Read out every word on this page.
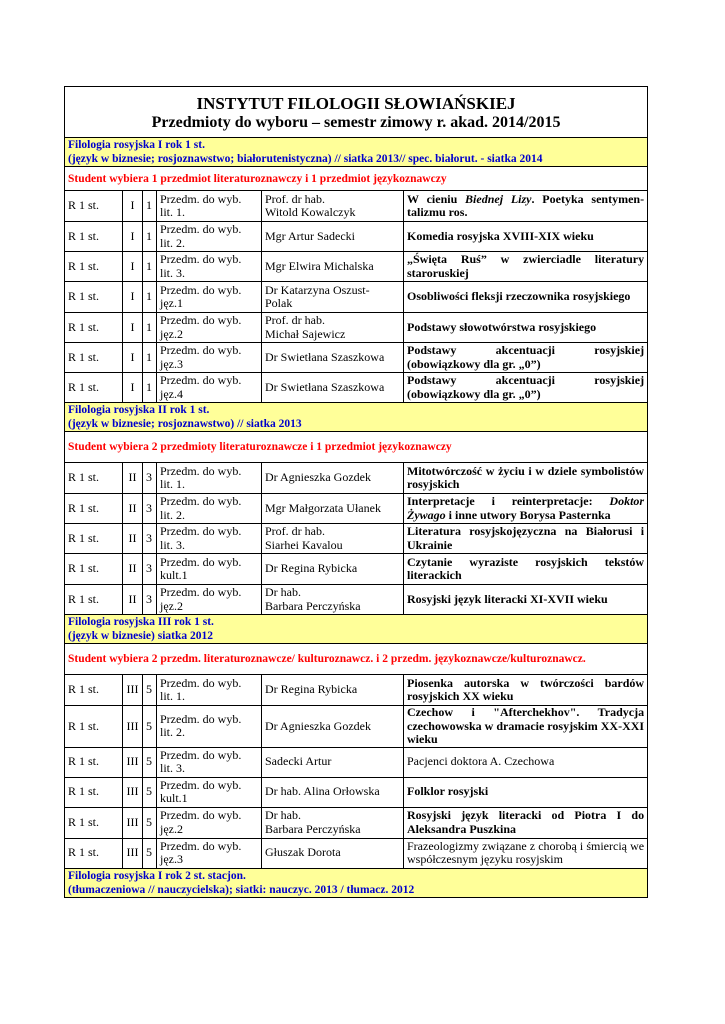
INSTYTUT FILOLOGII SŁOWIAŃSKIEJ
Przedmioty do wyboru – semestr zimowy r. akad. 2014/2015					

Filologia rosyjska I rok 1 st.
(język w biznesie; rosjoznawstwo; białorutenistyczna) // siatka 2013// spec. białorut. - siatka 2014					

Student wybiera 1 przedmiot literaturoznawczy i 1 przedmiot językoznawczy					
R 1 st.	I	1	Przedm. do wyb.
lit. 1.	Prof. dr hab.
Witold Kowalczyk	W cieniu Biednej Lizy. Poetyka sentymen-talizmu ros.
R 1 st.	I	1	Przedm. do wyb.
lit. 2.	Mgr Artur Sadecki	Komedia rosyjska XVIII-XIX wieku
R 1 st.	I	1	Przedm. do wyb.
lit. 3.	Mgr Elwira Michalska	„Święta Ruś” w zwierciadle literatury staroruskiej
R 1 st.	I	1	Przedm. do wyb.
jęz.1	Dr Katarzyna Oszust-
Polak	Osobliwości fleksji rzeczownika rosyjskiego
R 1 st.	I	1	Przedm. do wyb.
jęz.2	Prof. dr hab.
Michał Sajewicz	Podstawy słowotwórstwa rosyjskiego
R 1 st.	I	1	Przedm. do wyb.
jęz.3	Dr Swietłana Szaszkowa	Podstawy akcentuacji rosyjskiej (obowiązkowy dla gr. „0”)
R 1 st.	I	1	Przedm. do wyb.
jęz.4	Dr Swietłana Szaszkowa	Podstawy akcentuacji rosyjskiej (obowiązkowy dla gr. „0”)

Filologia rosyjska II rok 1 st.
(język w biznesie; rosjoznawstwo) // siatka 2013					

Student wybiera 2 przedmioty literaturoznawcze i 1 przedmiot językoznawczy					
R 1 st.	II	3	Przedm. do wyb.
lit. 1.	Dr Agnieszka Gozdek	Mitotwórczość w życiu i w dziele symbolistów rosyjskich
R 1 st.	II	3	Przedm. do wyb.
lit. 2.	Mgr Małgorzata Ułanek	Interpretacje i reinterpretacje: Doktor Żywago i inne utwory Borysa Pasternka
R 1 st.	II	3	Przedm. do wyb.
lit. 3.	Prof. dr hab.
Siarhei Kavalou	Literatura rosyjskojęzyczna na Białorusi i Ukrainie
R 1 st.	II	3	Przedm. do wyb.
kult.1	Dr Regina Rybicka	Czytanie wyraziste rosyjskich tekstów literackich
R 1 st.	II	3	Przedm. do wyb.
jęz.2	Dr hab.
Barbara Perczyńska	Rosyjski język literacki XI-XVII wieku

Filologia rosyjska III rok 1 st.
(język w biznesie) siatka 2012					

Student wybiera 2 przedm. literaturoznawcze/ kulturoznawcz. i 2 przedm. językoznawcze/kulturoznawcz.					
R 1 st.	III	5	Przedm. do wyb.
lit. 1.	Dr Regina Rybicka	Piosenka autorska w twórczości bardów rosyjskich XX wieku
R 1 st.	III	5	Przedm. do wyb.
lit. 2.	Dr Agnieszka Gozdek	Czechow i "Afterchekhov". Tradycja czechowowska w dramacie rosyjskim XX-XXI wieku
R 1 st.	III	5	Przedm. do wyb.
lit. 3.	Sadecki Artur	Pacjenci doktora A. Czechowa
R 1 st.	III	5	Przedm. do wyb.
kult.1	Dr hab. Alina Orłowska	Folklor rosyjski
R 1 st.	III	5	Przedm. do wyb.
jęz.2	Dr hab.
Barbara Perczyńska	Rosyjski język literacki od Piotra I do Aleksandra Puszkina
R 1 st.	III	5	Przedm. do wyb.
jęz.3	Głuszak Dorota	Frazeologizmy związane z chorobą i śmiercią we współczesnym języku rosyjskim

Filologia rosyjska I rok 2 st. stacjon.
(tłumaczeniowa // nauczycielska); siatki: nauczyc. 2013 / tłumacz. 2012					
